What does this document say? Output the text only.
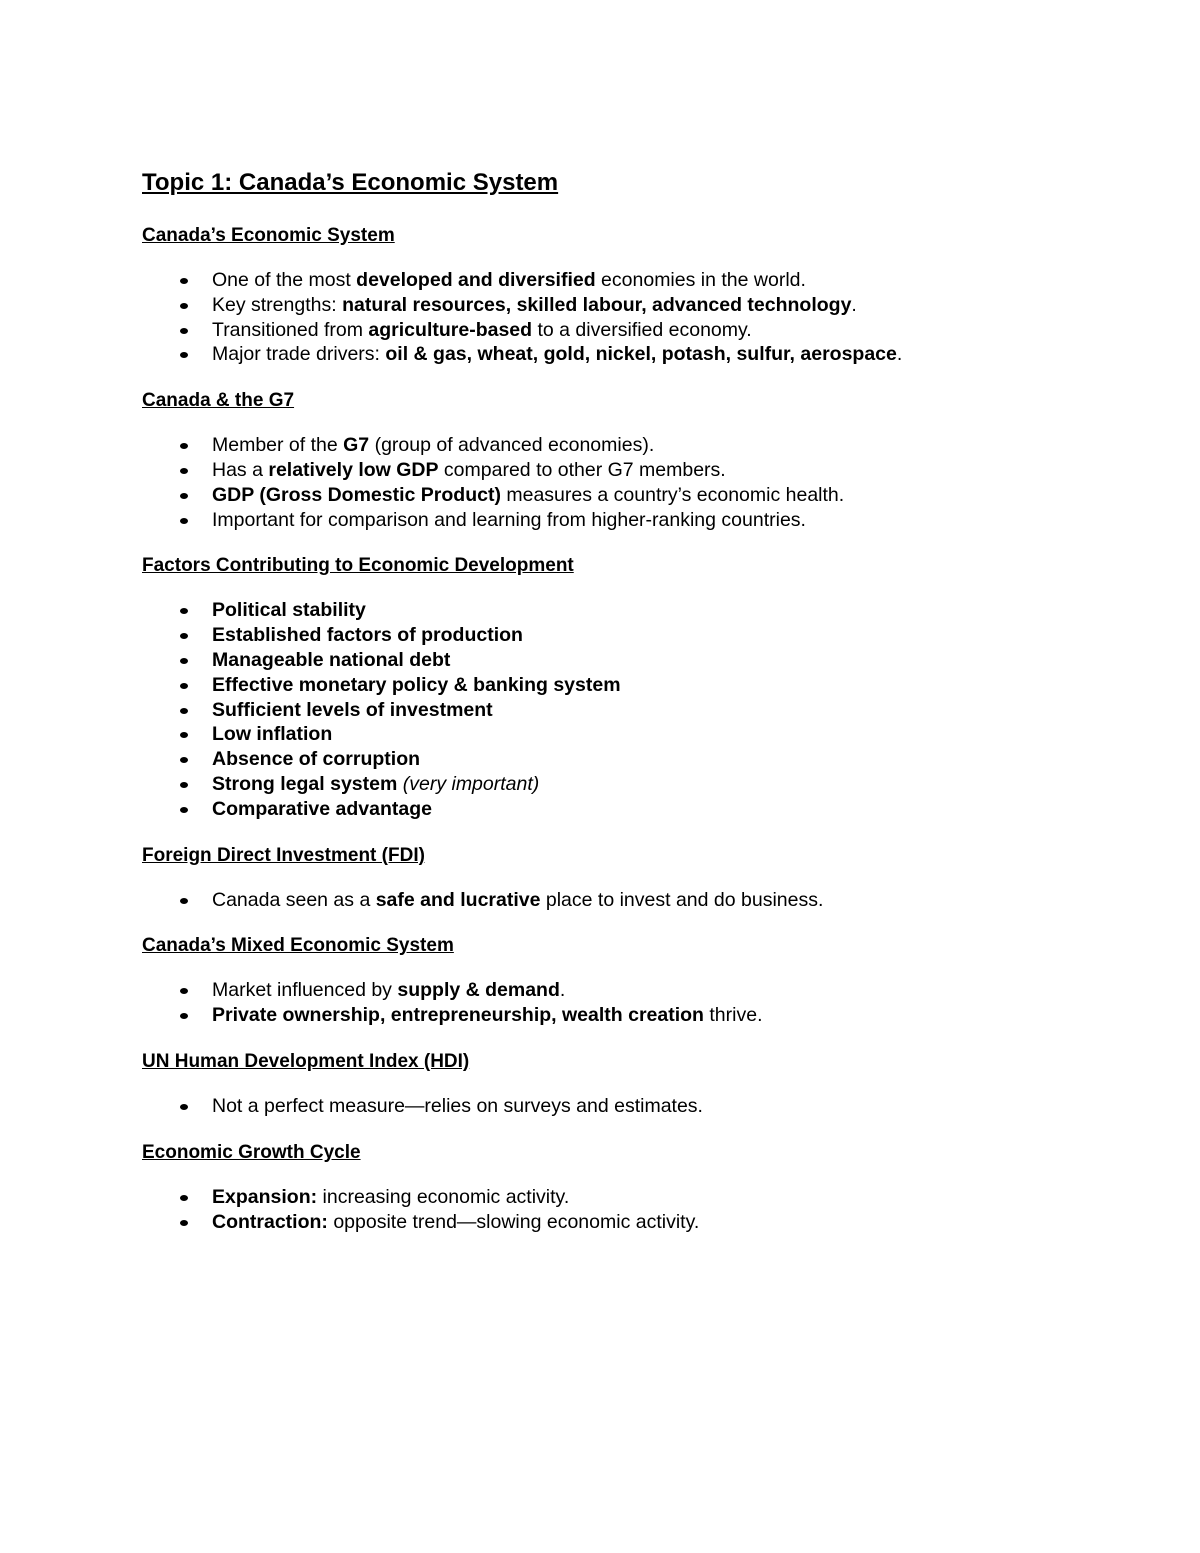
Topic 1: Canada’s Economic System
Canada’s Economic System
One of the most developed and diversified economies in the world.
Key strengths: natural resources, skilled labour, advanced technology.
Transitioned from agriculture-based to a diversified economy.
Major trade drivers: oil & gas, wheat, gold, nickel, potash, sulfur, aerospace.
Canada & the G7
Member of the G7 (group of advanced economies).
Has a relatively low GDP compared to other G7 members.
GDP (Gross Domestic Product) measures a country’s economic health.
Important for comparison and learning from higher-ranking countries.
Factors Contributing to Economic Development
Political stability
Established factors of production
Manageable national debt
Effective monetary policy & banking system
Sufficient levels of investment
Low inflation
Absence of corruption
Strong legal system (very important)
Comparative advantage
Foreign Direct Investment (FDI)
Canada seen as a safe and lucrative place to invest and do business.
Canada’s Mixed Economic System
Market influenced by supply & demand.
Private ownership, entrepreneurship, wealth creation thrive.
UN Human Development Index (HDI)
Not a perfect measure—relies on surveys and estimates.
Economic Growth Cycle
Expansion: increasing economic activity.
Contraction: opposite trend—slowing economic activity.
